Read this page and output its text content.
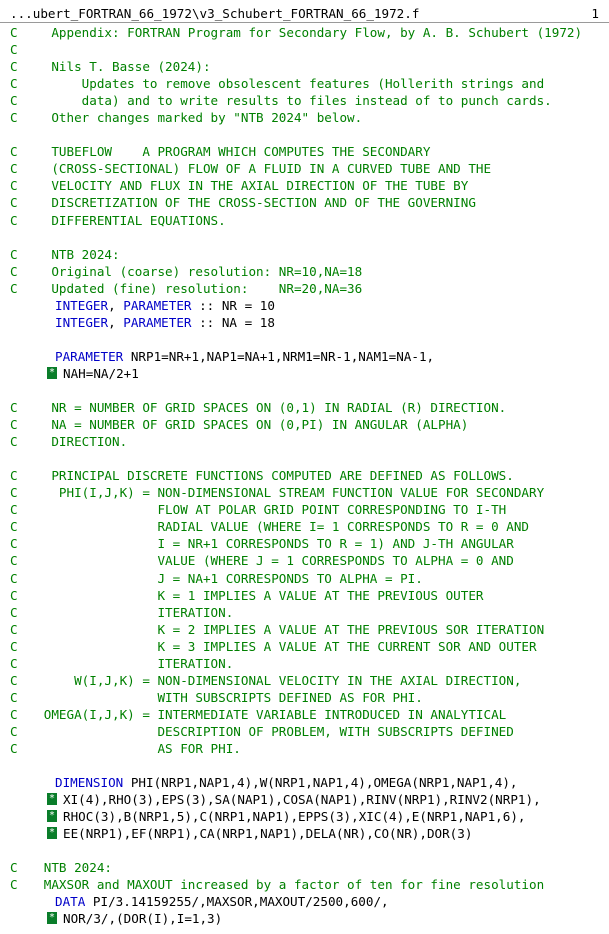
...ubert_FORTRAN_66_1972\v3_Schubert_FORTRAN_66_1972.f	1
C Appendix: FORTRAN Program for Secondary Flow, by A. B. Schubert (1972)
C
C Nils T. Basse (2024):
C Updates to remove obsolescent features (Hollerith strings and
C data) and to write results to files instead of to punch cards.
C Other changes marked by "NTB 2024" below.
C TUBEFLOW    A PROGRAM WHICH COMPUTES THE SECONDARY
C (CROSS-SECTIONAL) FLOW OF A FLUID IN A CURVED TUBE AND THE
C VELOCITY AND FLUX IN THE AXIAL DIRECTION OF THE TUBE BY
C DISCRETIZATION OF THE CROSS-SECTION AND OF THE GOVERNING
C DIFFERENTIAL EQUATIONS.
C NTB 2024:
C Original (coarse) resolution: NR=10,NA=18
C Updated (fine) resolution:    NR=20,NA=36
INTEGER, PARAMETER :: NR = 10
INTEGER, PARAMETER :: NA = 18
PARAMETER NRP1=NR+1,NAP1=NA+1,NRM1=NR-1,NAM1=NA-1,
* NAH=NA/2+1
C NR = NUMBER OF GRID SPACES ON (0,1) IN RADIAL (R) DIRECTION.
C NA = NUMBER OF GRID SPACES ON (0,PI) IN ANGULAR (ALPHA)
C DIRECTION.
C PRINCIPAL DISCRETE FUNCTIONS COMPUTED ARE DEFINED AS FOLLOWS.
C PHI(I,J,K) = NON-DIMENSIONAL STREAM FUNCTION VALUE FOR SECONDARY
C FLOW AT POLAR GRID POINT CORRESPONDING TO I-TH
C RADIAL VALUE (WHERE I= 1 CORRESPONDS TO R = 0 AND
C I = NR+1 CORRESPONDS TO R = 1) AND J-TH ANGULAR
C VALUE (WHERE J = 1 CORRESPONDS TO ALPHA = 0 AND
C J = NA+1 CORRESPONDS TO ALPHA = PI.
C K = 1 IMPLIES A VALUE AT THE PREVIOUS OUTER
C ITERATION.
C K = 2 IMPLIES A VALUE AT THE PREVIOUS SOR ITERATION
C K = 3 IMPLIES A VALUE AT THE CURRENT SOR AND OUTER
C ITERATION.
C W(I,J,K) = NON-DIMENSIONAL VELOCITY IN THE AXIAL DIRECTION,
C WITH SUBSCRIPTS DEFINED AS FOR PHI.
C OMEGA(I,J,K) = INTERMEDIATE VARIABLE INTRODUCED IN ANALYTICAL
C DESCRIPTION OF PROBLEM, WITH SUBSCRIPTS DEFINED
C AS FOR PHI.
DIMENSION PHI(NRP1,NAP1,4),W(NRP1,NAP1,4),OMEGA(NRP1,NAP1,4),
* XI(4),RHO(3),EPS(3),SA(NAP1),COSA(NAP1),RINV(NRP1),RINV2(NRP1),
* RHOC(3),B(NRP1,5),C(NRP1,NAP1),EPPS(3),XIC(4),E(NRP1,NAP1,6),
* EE(NRP1),EF(NRP1),CA(NRP1,NAP1),DELA(NR),CO(NR),DOR(3)
C NTB 2024:
C MAXSOR and MAXOUT increased by a factor of ten for fine resolution
DATA PI/3.14159255/,MAXSOR,MAXOUT/2500,600/,
* NOR/3/,(DOR(I),I=1,3)
